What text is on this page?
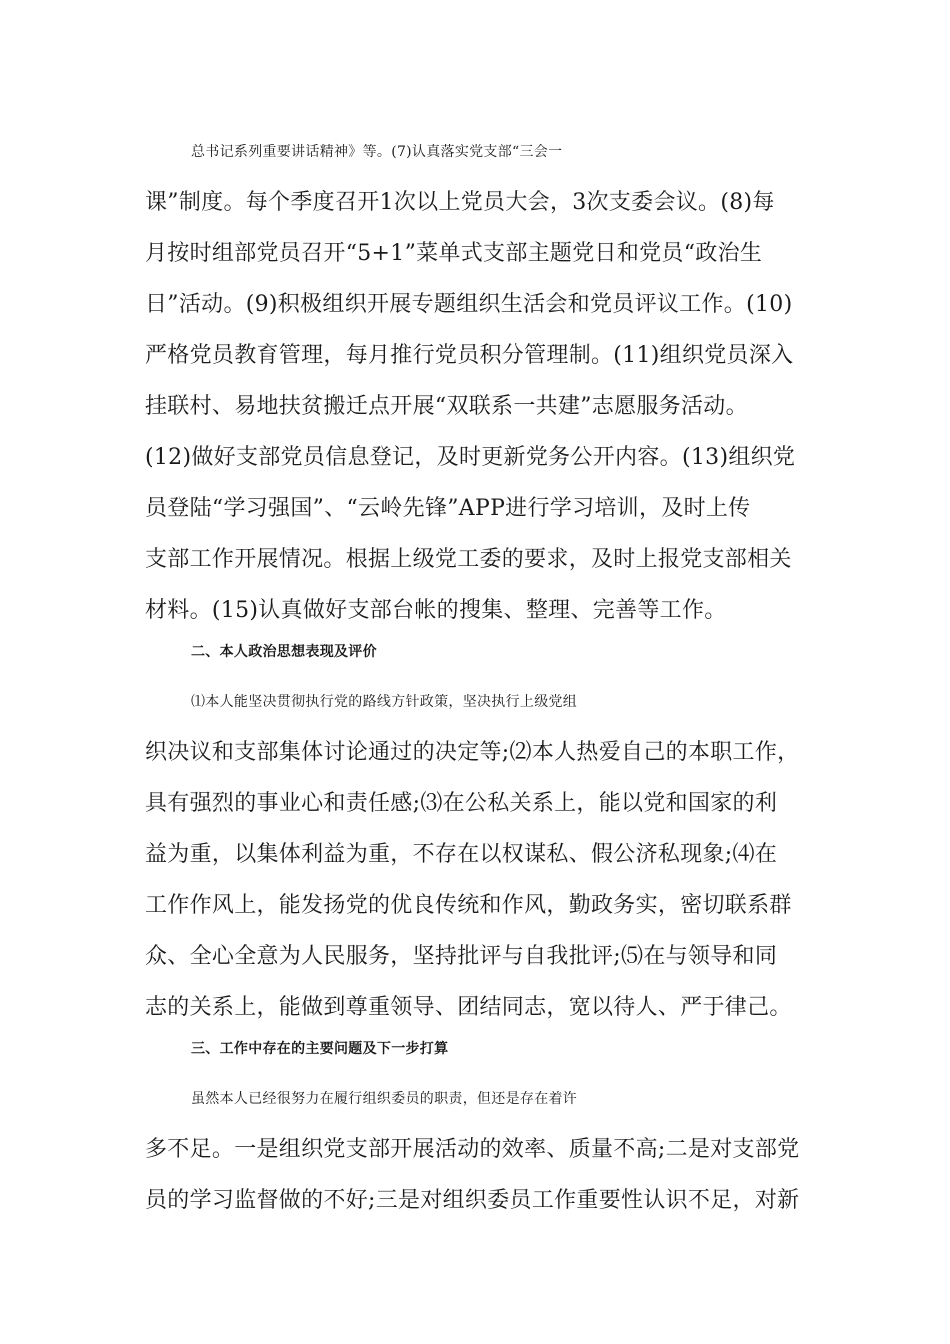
总书记系列重要讲话精神》等。(7)认真落实党支部“三会一
课”制度。每个季度召开1次以上党员大会，3次支委会议。(8)每
月按时组部党员召开“5+1”菜单式支部主题党日和党员“政治生
日”活动。(9)积极组织开展专题组织生活会和党员评议工作。(10)
严格党员教育管理，每月推行党员积分管理制。(11)组织党员深入
挂联村、易地扶贫搬迁点开展“双联系一共建”志愿服务活动。
(12)做好支部党员信息登记，及时更新党务公开内容。(13)组织党
员登陆“学习强国”、“云岭先锋”APP进行学习培训，及时上传
支部工作开展情况。根据上级党工委的要求，及时上报党支部相关
材料。(15)认真做好支部台帐的搜集、整理、完善等工作。
二、本人政治思想表现及评价
⑴本人能坚决贯彻执行党的路线方针政策，坚决执行上级党组
织决议和支部集体讨论通过的决定等;⑵本人热爱自己的本职工作，
具有强烈的事业心和责任感;⑶在公私关系上，能以党和国家的利
益为重，以集体利益为重，不存在以权谋私、假公济私现象;⑷在
工作作风上，能发扬党的优良传统和作风，勤政务实，密切联系群
众、全心全意为人民服务，坚持批评与自我批评;⑸在与领导和同
志的关系上，能做到尊重领导、团结同志，宽以待人、严于律己。
三、工作中存在的主要问题及下一步打算
虽然本人已经很努力在履行组织委员的职责，但还是存在着许
多不足。一是组织党支部开展活动的效率、质量不高;二是对支部党
员的学习监督做的不好;三是对组织委员工作重要性认识不足，对新
